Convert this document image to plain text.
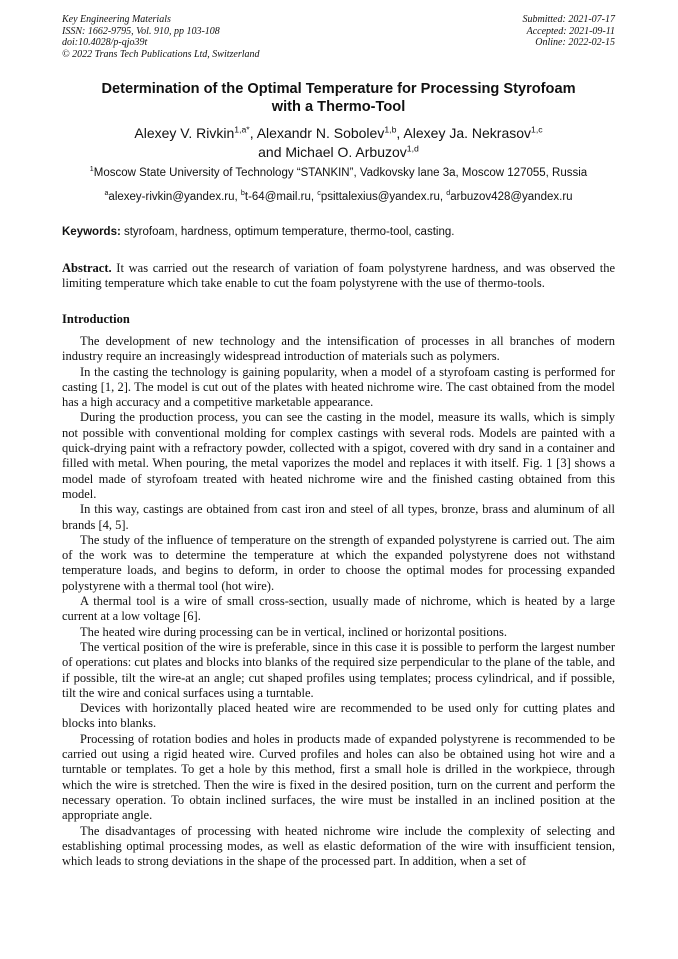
Key Engineering Materials
ISSN: 1662-9795, Vol. 910, pp 103-108
doi:10.4028/p-qjo39t
© 2022 Trans Tech Publications Ltd, Switzerland
Submitted: 2021-07-17
Accepted: 2021-09-11
Online: 2022-02-15
Determination of the Optimal Temperature for Processing Styrofoam
with a Thermo-Tool
Alexey V. Rivkin$^{1,a*}$, Alexandr N. Sobolev$^{1,b}$, Alexey Ja. Nekrasov$^{1,c}$
and Michael O. Arbuzov$^{1,d}$
$^1$Moscow State University of Technology “STANKIN”, Vadkovsky lane 3a, Moscow 127055, Russia
$^a$alexey-rivkin@yandex.ru, $^b$t-64@mail.ru, $^c$psittalexius@yandex.ru, $^d$arbuzov428@yandex.ru
Keywords: styrofoam, hardness, optimum temperature, thermo-tool, casting.
Abstract. It was carried out the research of variation of foam polystyrene hardness, and was observed the limiting temperature which take enable to cut the foam polystyrene with the use of thermo-tools.
Introduction

The development of new technology and the intensification of processes in all branches of modern industry require an increasingly widespread introduction of materials such as polymers.

In the casting the technology is gaining popularity, when a model of a styrofoam casting is performed for casting [1, 2]. The model is cut out of the plates with heated nichrome wire. The cast obtained from the model has a high accuracy and a competitive marketable appearance.

During the production process, you can see the casting in the model, measure its walls, which is simply not possible with conventional molding for complex castings with several rods. Models are painted with a quick-drying paint with a refractory powder, collected with a spigot, covered with dry sand in a container and filled with metal. When pouring, the metal vaporizes the model and replaces it with itself. Fig. 1 [3] shows a model made of styrofoam treated with heated nichrome wire and the finished casting obtained from this model.

In this way, castings are obtained from cast iron and steel of all types, bronze, brass and aluminum of all brands [4, 5].

The study of the influence of temperature on the strength of expanded polystyrene is carried out. The aim of the work was to determine the temperature at which the expanded polystyrene does not withstand temperature loads, and begins to deform, in order to choose the optimal modes for processing expanded polystyrene with a thermal tool (hot wire).

A thermal tool is a wire of small cross-section, usually made of nichrome, which is heated by a large current at a low voltage [6].

The heated wire during processing can be in vertical, inclined or horizontal positions.

The vertical position of the wire is preferable, since in this case it is possible to perform the largest number of operations: cut plates and blocks into blanks of the required size perpendicular to the plane of the table, and if possible, tilt the wire-at an angle; cut shaped profiles using templates; process cylindrical, and if possible, tilt the wire and conical surfaces using a turntable.

Devices with horizontally placed heated wire are recommended to be used only for cutting plates and blocks into blanks.

Processing of rotation bodies and holes in products made of expanded polystyrene is recommended to be carried out using a rigid heated wire. Curved profiles and holes can also be obtained using hot wire and a turntable or templates. To get a hole by this method, first a small hole is drilled in the workpiece, through which the wire is stretched. Then the wire is fixed in the desired position, turn on the current and perform the necessary operation. To obtain inclined surfaces, the wire must be installed in an inclined position at the appropriate angle.

The disadvantages of processing with heated nichrome wire include the complexity of selecting and establishing optimal processing modes, as well as elastic deformation of the wire with insufficient tension, which leads to strong deviations in the shape of the processed part. In addition, when a set of
